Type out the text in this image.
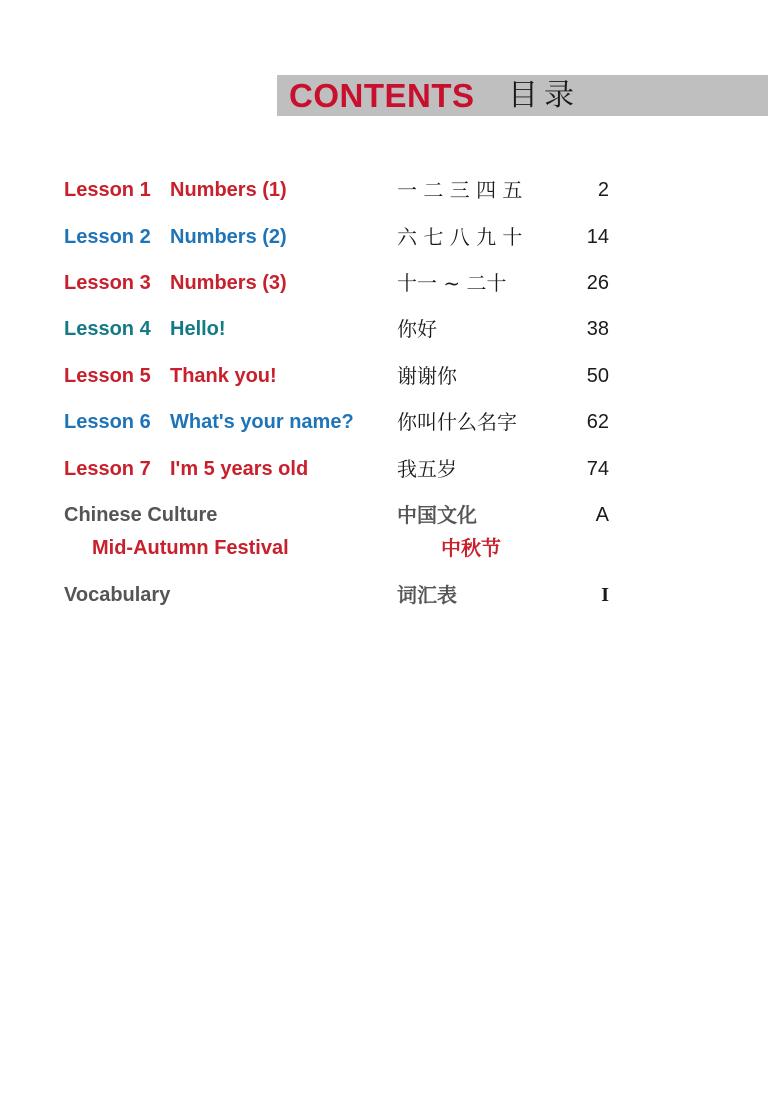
CONTENTS 目录
Lesson 1 Numbers (1)	一 二 三 四 五	2
Lesson 2 Numbers (2)	六 七 八 九 十	14
Lesson 3 Numbers (3)	十一 ~ 二十	26
Lesson 4 Hello!	你好	38
Lesson 5 Thank you!	谢谢你	50
Lesson 6 What's your name? 你叫什么名字	62
Lesson 7 I'm 5 years old	我五岁	74
Chinese Culture	中国文化	A
Mid-Autumn Festival	中秋节
Vocabulary	词汇表	I
